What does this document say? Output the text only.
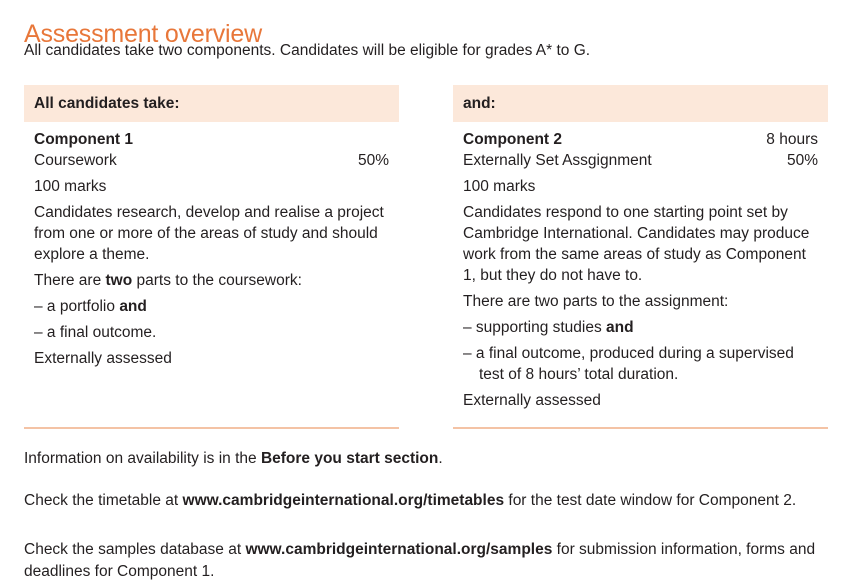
Assessment overview
All candidates take two components. Candidates will be eligible for grades A* to G.
All candidates take:
Component 1
Coursework	50%
100 marks
Candidates research, develop and realise a project from one or more of the areas of study and should explore a theme.
There are two parts to the coursework:
– a portfolio and
– a final outcome.
Externally assessed
and:
Component 2	8 hours
Externally Set Assgignment	50%
100 marks
Candidates respond to one starting point set by Cambridge International. Candidates may produce work from the same areas of study as Component 1, but they do not have to.
There are two parts to the assignment:
– supporting studies and
– a final outcome, produced during a supervised test of 8 hours’ total duration.
Externally assessed

Information on availability is in the Before you start section.

Check the timetable at www.cambridgeinternational.org/timetables for the test date window for Component 2.

Check the samples database at www.cambridgeinternational.org/samples for submission information, forms and deadlines for Component 1.
